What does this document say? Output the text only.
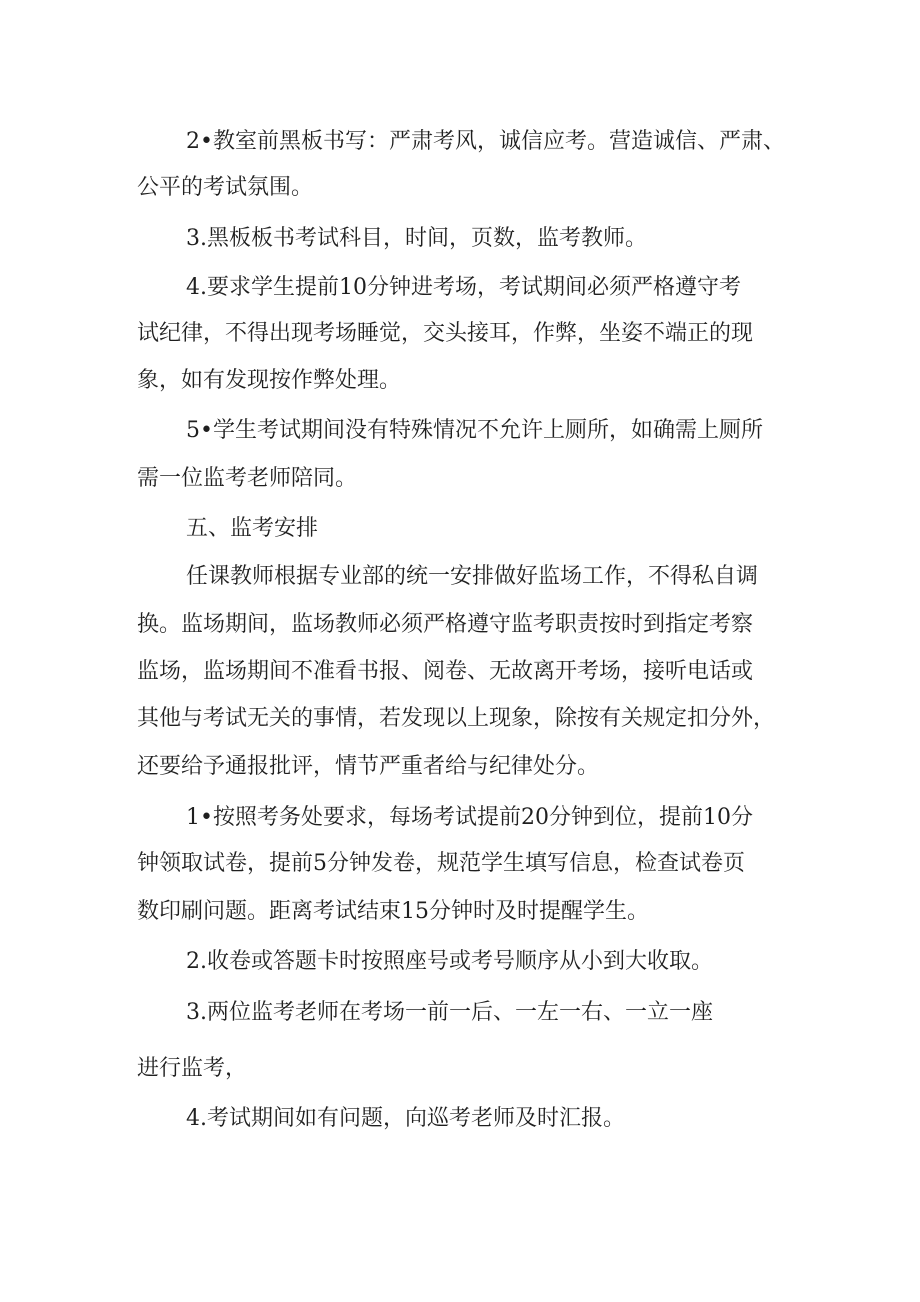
2•教室前黑板书写：严肃考风，诚信应考。营造诚信、严肃、
公平的考试氛围。
3.黑板板书考试科目，时间，页数，监考教师。
4.要求学生提前10分钟进考场，考试期间必须严格遵守考
试纪律，不得出现考场睡觉，交头接耳，作弊，坐姿不端正的现
象，如有发现按作弊处理。
5•学生考试期间没有特殊情况不允许上厕所，如确需上厕所
需一位监考老师陪同。
五、监考安排
任课教师根据专业部的统一安排做好监场工作，不得私自调
换。监场期间，监场教师必须严格遵守监考职责按时到指定考察
监场，监场期间不准看书报、阅卷、无故离开考场，接听电话或
其他与考试无关的事情，若发现以上现象，除按有关规定扣分外，
还要给予通报批评，情节严重者给与纪律处分。
1•按照考务处要求，每场考试提前20分钟到位，提前10分
钟领取试卷，提前5分钟发卷，规范学生填写信息，检查试卷页
数印刷问题。距离考试结束15分钟时及时提醒学生。
2.收卷或答题卡时按照座号或考号顺序从小到大收取。
3.两位监考老师在考场一前一后、一左一右、一立一座
进行监考，
4.考试期间如有问题，向巡考老师及时汇报。
